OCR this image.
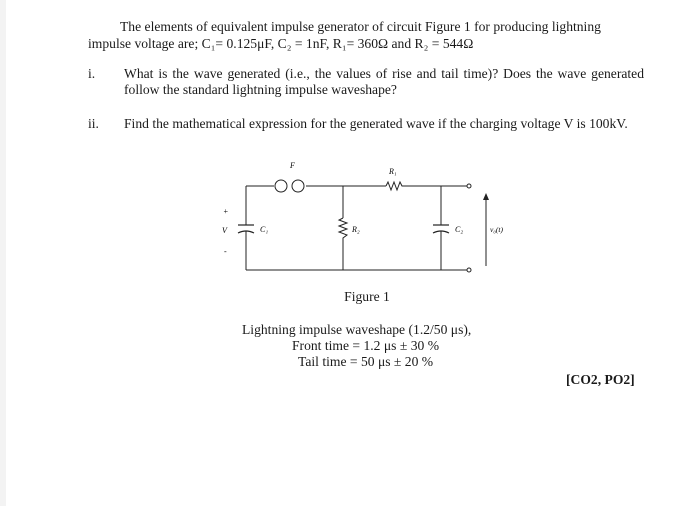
The elements of equivalent impulse generator of circuit Figure 1 for producing lightning
impulse voltage are; C₁= 0.125μF, C₂ = 1nF, R₁= 360Ω and R₂ = 544Ω
i.	What is the wave generated (i.e., the values of rise and tail time)? Does the wave generated follow the standard lightning impulse waveshape?
ii.	Find the mathematical expression for the generated wave if the charging voltage V is 100kV.
F
R₁
R₂
C₁	C₂
V
+
-
v₀(t)
Figure 1
Lightning impulse waveshape (1.2/50 μs),
Front time = 1.2 μs ± 30 %
Tail time = 50 μs ± 20 %
[CO2, PO2]
